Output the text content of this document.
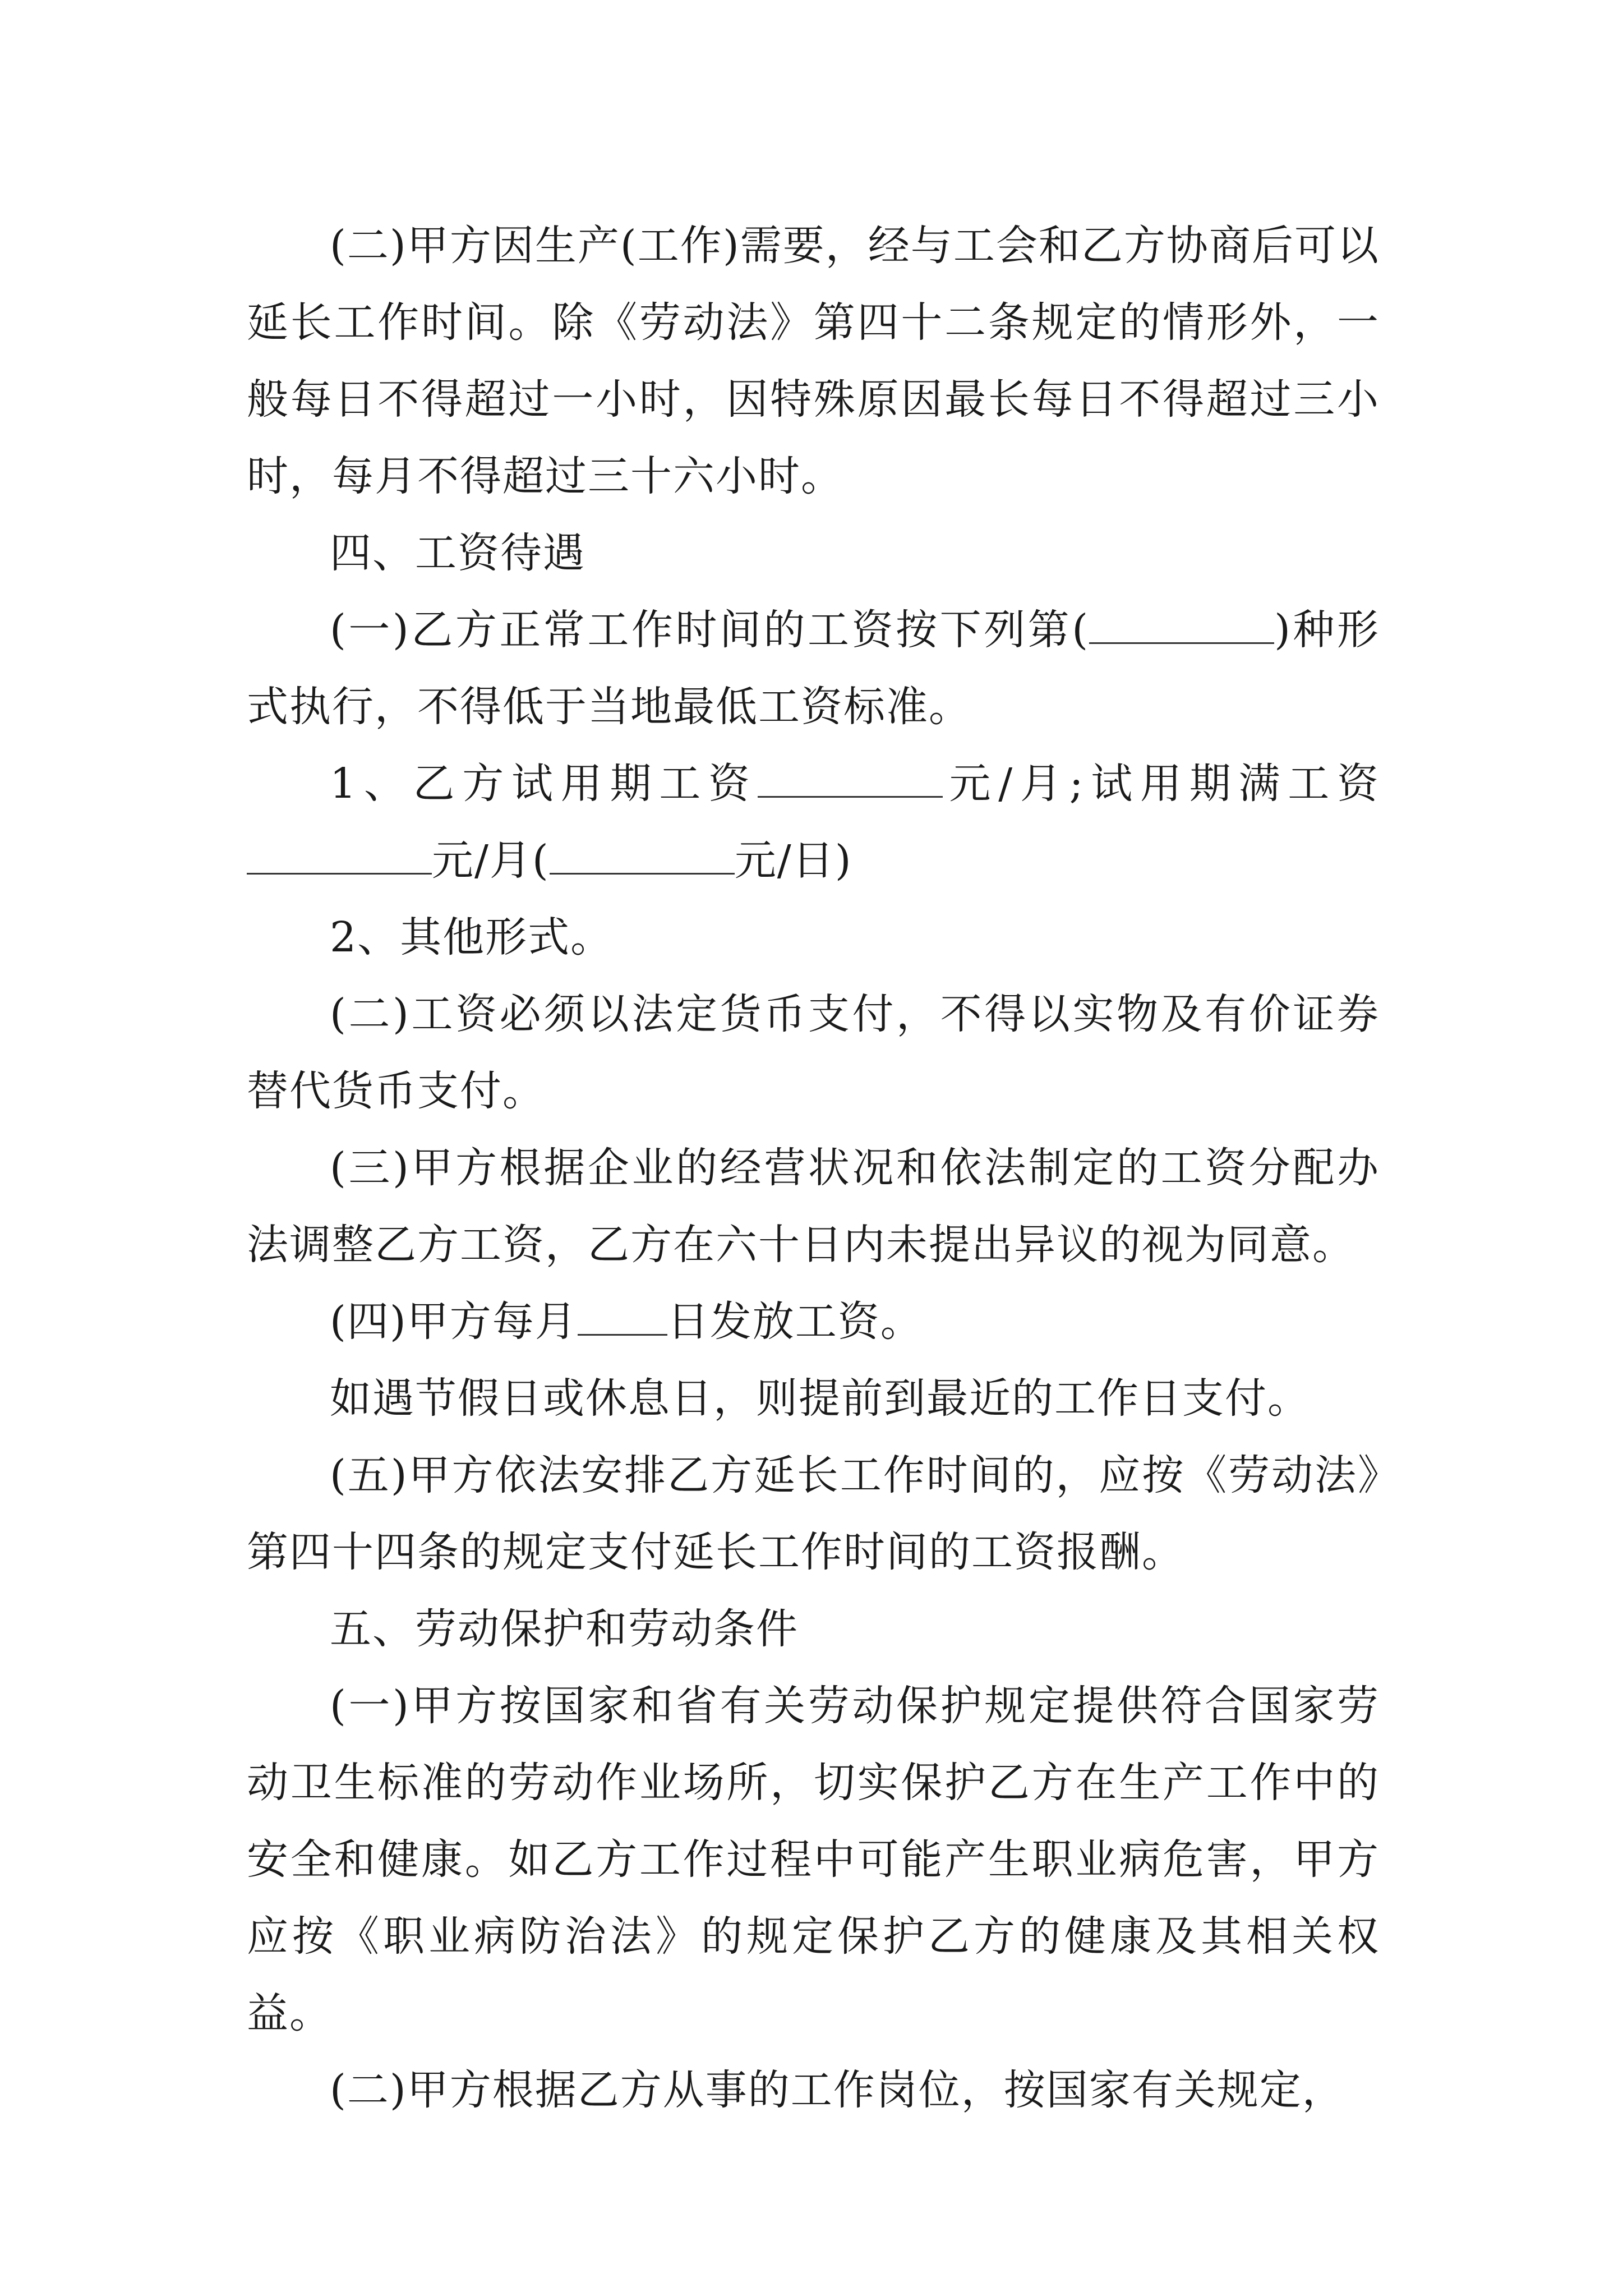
(二)甲方因生产(工作)需要，经与工会和乙方协商后可以延长工作时间。除《劳动法》第四十二条规定的情形外，一般每日不得超过一小时，因特殊原因最长每日不得超过三小时，每月不得超过三十六小时。

四、工资待遇

(一)乙方正常工作时间的工资按下列第(	)种形式执行，不得低于当地最低工资标准。

1、乙方试用期工资	元/月;试用期满工资元/月(	元/日)

2、其他形式。

(二)工资必须以法定货币支付，不得以实物及有价证券替代货币支付。

(三)甲方根据企业的经营状况和依法制定的工资分配办法调整乙方工资，乙方在六十日内未提出异议的视为同意。

(四)甲方每月 日发放工资。

如遇节假日或休息日，则提前到最近的工作日支付。

(五)甲方依法安排乙方延长工作时间的，应按《劳动法》第四十四条的规定支付延长工作时间的工资报酬。

五、劳动保护和劳动条件

(一)甲方按国家和省有关劳动保护规定提供符合国家劳动卫生标准的劳动作业场所，切实保护乙方在生产工作中的安全和健康。如乙方工作过程中可能产生职业病危害，甲方应按《职业病防治法》的规定保护乙方的健康及其相关权益。

(二)甲方根据乙方从事的工作岗位，按国家有关规定，
